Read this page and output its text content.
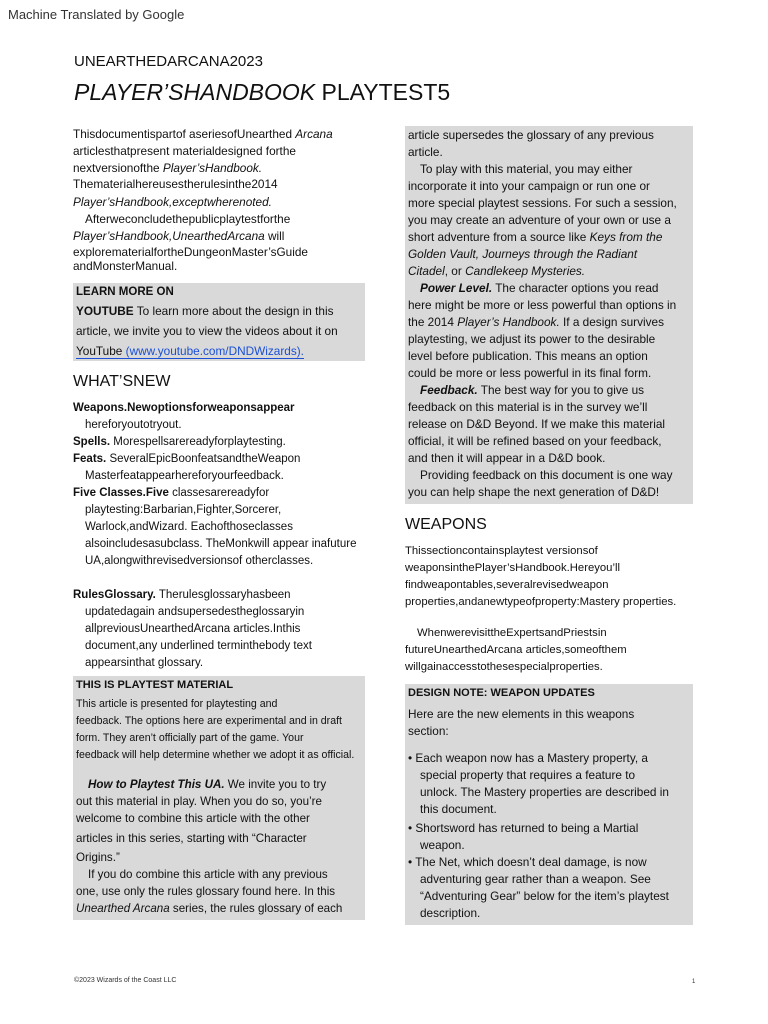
Machine Translated by Google
UNEARTHEDARCANA2023
PLAYER’SHANDBOOK PLAYTEST5

Thisdocumentispartof aseriesofUnearthed Arcana

articlesthatpresent materialdesigned forthe

nextversionofthe Player’sHandbook.

Thematerialhereusestherulesinthe2014

Player’sHandbook,exceptwherenoted.

Afterweconcludethepublicplaytestforthe

Player’sHandbook,UnearthedArcana will

explorematerialfortheDungeonMaster’sGuide

andMonsterManual.

LEARN MORE ON

YOUTUBE To learn more about the design in this

article, we invite you to view the videos about it on

YouTube (www.youtube.com/DNDWizards).

WHAT’SNEW

Weapons.Newoptionsforweaponsappear

hereforyoutotryout.

Spells. Morespellsarereadyforplaytesting.

Feats. SeveralEpicBoonfeatsandtheWeapon

Masterfeatappearhereforyourfeedback.

Five Classes.Five classesarereadyfor

playtesting:Barbarian,Fighter,Sorcerer,

Warlock,andWizard. Eachofthoseclasses

alsoincludesasubclass. TheMonkwill appear inafuture

UA,alongwithrevisedversionsof otherclasses.

RulesGlossary. Therulesglossaryhasbeen

updatedagain andsupersedestheglossaryin

allpreviousUnearthedArcana articles.Inthis

document,any underlined terminthebody text

appearsinthat glossary.

THIS IS PLAYTEST MATERIAL

This article is presented for playtesting and

feedback. The options here are experimental and in draft

form. They aren’t officially part of the game. Your

feedback will help determine whether we adopt it as official.

How to Playtest This UA. We invite you to try

out this material in play. When you do so, you’re

welcome to combine this article with the other

articles in this series, starting with “Character

Origins.”

If you do combine this article with any previous

one, use only the rules glossary found here. In this

Unearthed Arcana series, the rules glossary of each

article supersedes the glossary of any previous

article.

To play with this material, you may either

incorporate it into your campaign or run one or

more special playtest sessions. For such a session,

you may create an adventure of your own or use a

short adventure from a source like Keys from the

Golden Vault, Journeys through the Radiant

Citadel, or Candlekeep Mysteries.

Power Level. The character options you read

here might be more or less powerful than options in

the 2014 Player’s Handbook. If a design survives

playtesting, we adjust its power to the desirable

level before publication. This means an option

could be more or less powerful in its final form.

Feedback. The best way for you to give us

feedback on this material is in the survey we’ll

release on D&D Beyond. If we make this material

official, it will be refined based on your feedback,

and then it will appear in a D&D book.

Providing feedback on this document is one way

you can help shape the next generation of D&D!

WEAPONS

Thissectioncontainsplaytest versionsof

weaponsinthePlayer’sHandbook.Hereyou’ll

findweapontables,severalrevisedweapon

properties,andanewtypeofproperty:Mastery properties.

WhenwerevisittheExpertsandPriestsin

futureUnearthedArcana articles,someofthem

willgainaccesstothesespecialproperties.

DESIGN NOTE: WEAPON UPDATES

Here are the new elements in this weapons

section:

• Each weapon now has a Mastery property, a

special property that requires a feature to

unlock. The Mastery properties are described in

this document.

• Shortsword has returned to being a Martial

weapon.

• The Net, which doesn’t deal damage, is now

adventuring gear rather than a weapon. See

“Adventuring Gear” below for the item’s playtest

description.

©2023 Wizards of the Coast LLC	1
